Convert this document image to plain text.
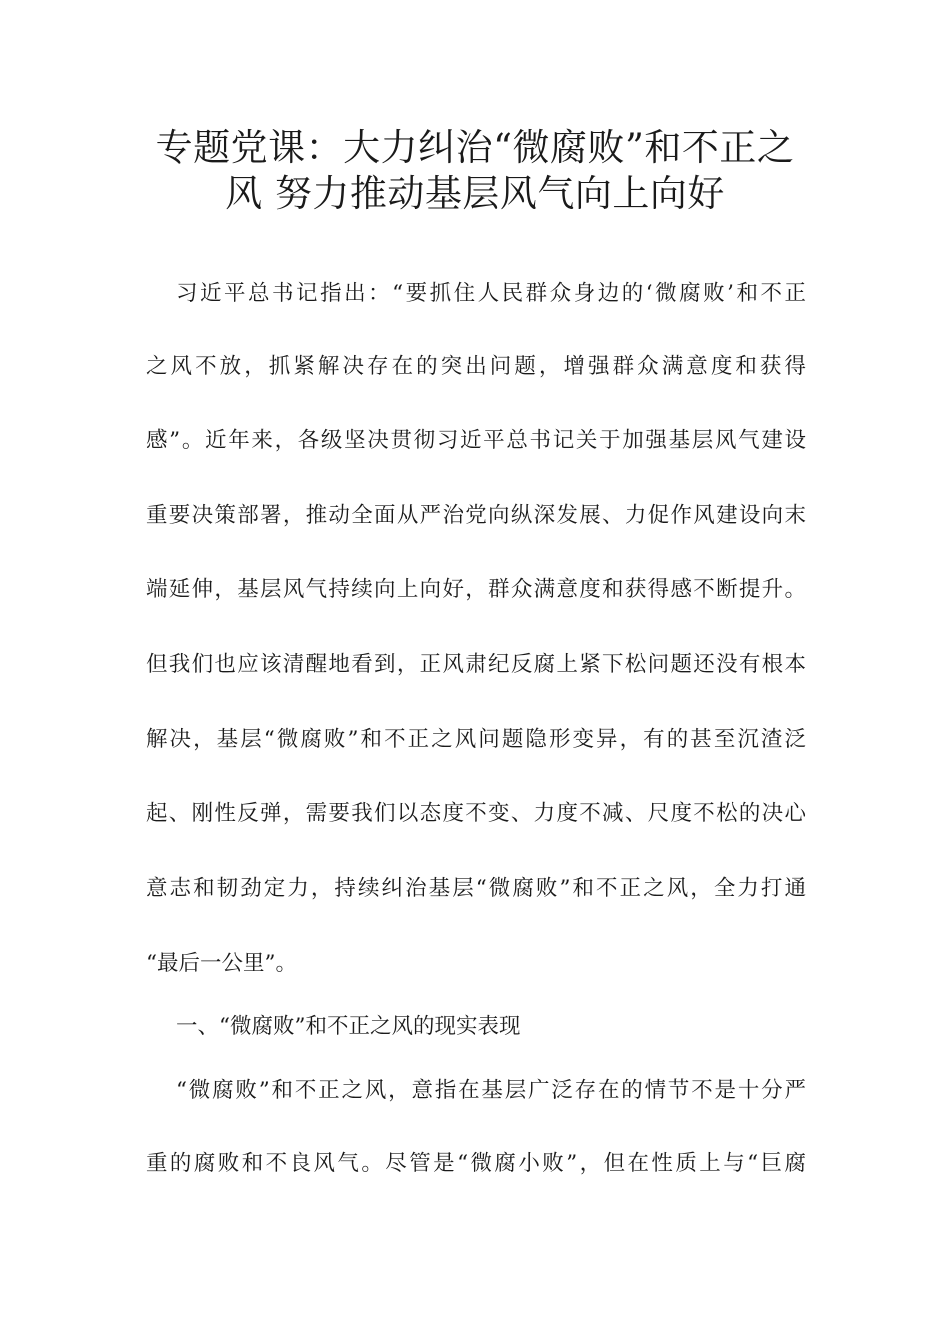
专题党课：大力纠治“微腐败”和不正之
风 努力推动基层风气向上向好

习近平总书记指出：“要抓住人民群众身边的‘微腐败’和不正

之风不放，抓紧解决存在的突出问题，增强群众满意度和获得

感”。近年来，各级坚决贯彻习近平总书记关于加强基层风气建设

重要决策部署，推动全面从严治党向纵深发展、力促作风建设向末

端延伸，基层风气持续向上向好，群众满意度和获得感不断提升。

但我们也应该清醒地看到，正风肃纪反腐上紧下松问题还没有根本

解决，基层“微腐败”和不正之风问题隐形变异，有的甚至沉渣泛

起、刚性反弹，需要我们以态度不变、力度不减、尺度不松的决心

意志和韧劲定力，持续纠治基层“微腐败”和不正之风，全力打通

“最后一公里”。

一、“微腐败”和不正之风的现实表现

“微腐败”和不正之风，意指在基层广泛存在的情节不是十分严

重的腐败和不良风气。尽管是“微腐小败”，但在性质上与“巨腐
